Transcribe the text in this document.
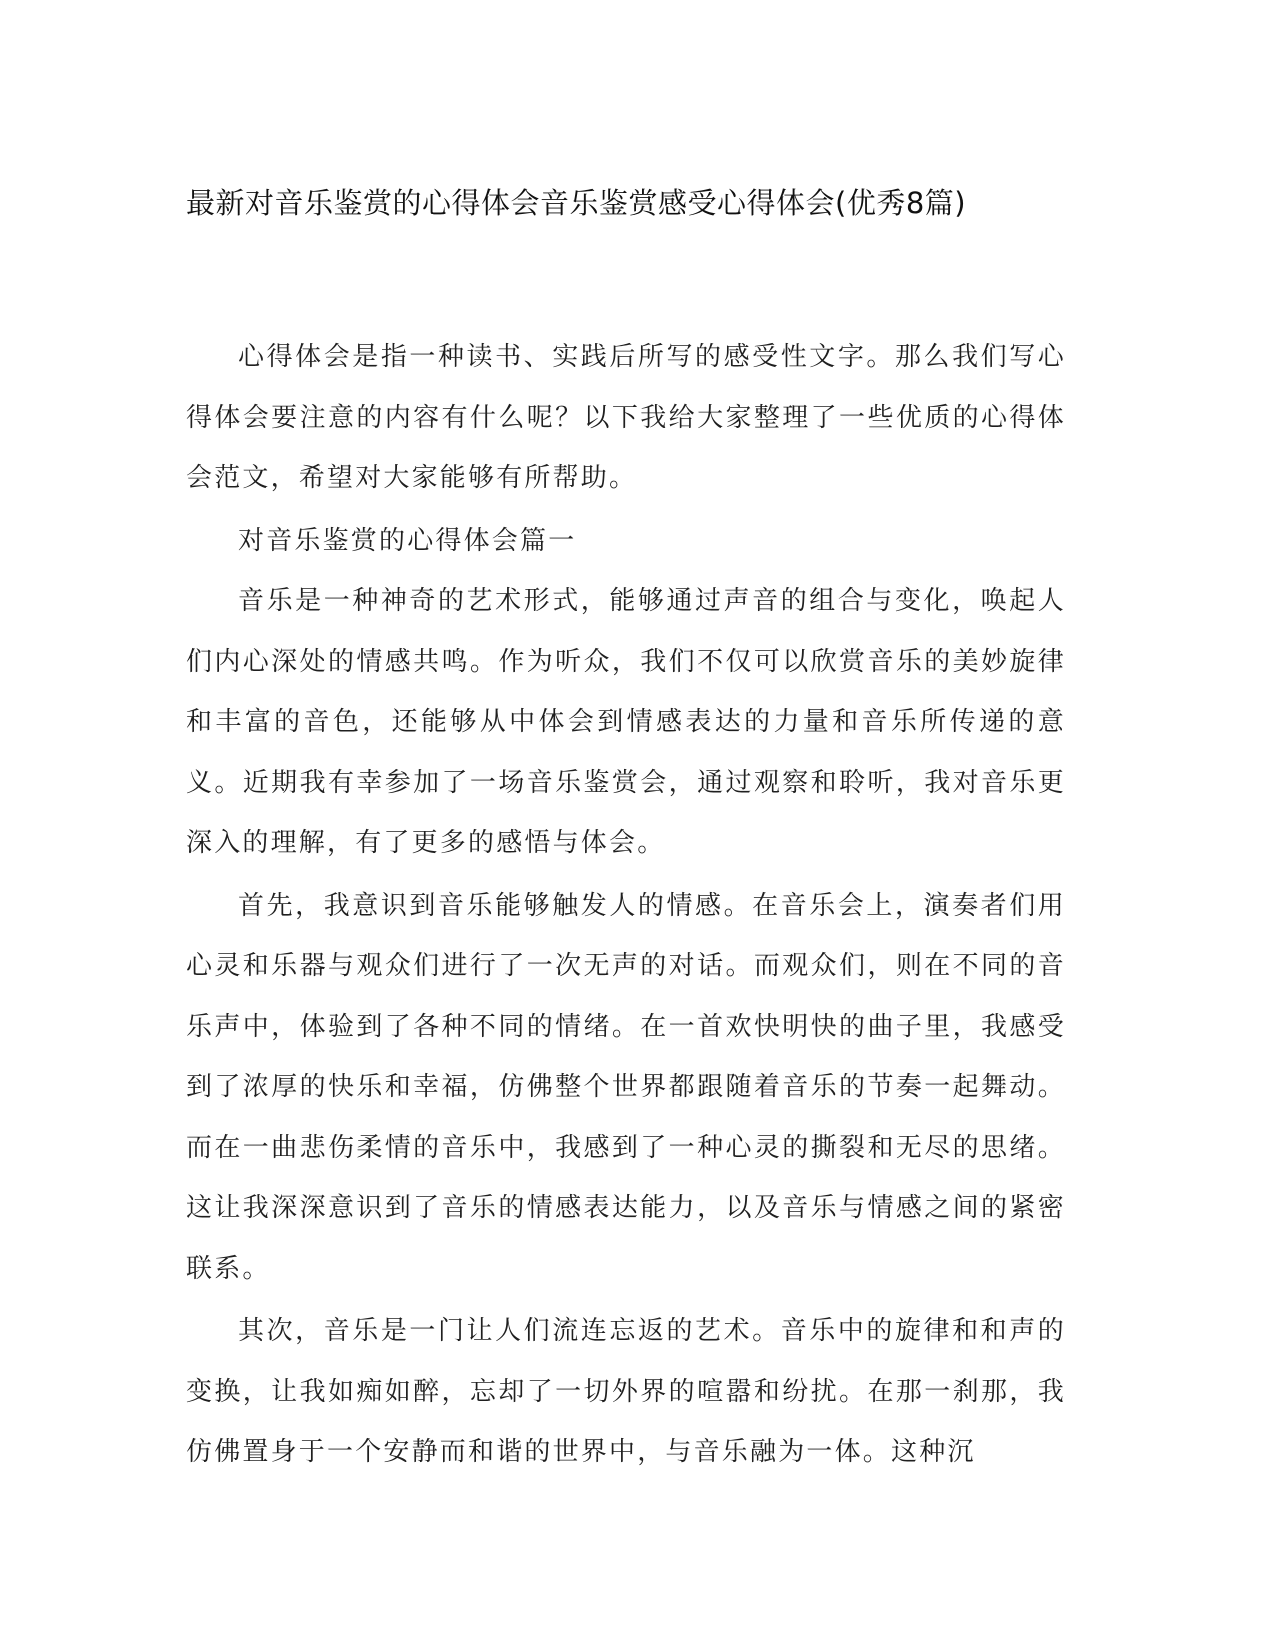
最新对音乐鉴赏的心得体会音乐鉴赏感受心得体会(优秀8篇)

心得体会是指一种读书、实践后所写的感受性文字。那么我们写心得体会要注意的内容有什么呢？以下我给大家整理了一些优质的心得体会范文，希望对大家能够有所帮助。

对音乐鉴赏的心得体会篇一

音乐是一种神奇的艺术形式，能够通过声音的组合与变化，唤起人们内心深处的情感共鸣。作为听众，我们不仅可以欣赏音乐的美妙旋律和丰富的音色，还能够从中体会到情感表达的力量和音乐所传递的意义。近期我有幸参加了一场音乐鉴赏会，通过观察和聆听，我对音乐更深入的理解，有了更多的感悟与体会。

首先，我意识到音乐能够触发人的情感。在音乐会上，演奏者们用心灵和乐器与观众们进行了一次无声的对话。而观众们，则在不同的音乐声中，体验到了各种不同的情绪。在一首欢快明快的曲子里，我感受到了浓厚的快乐和幸福，仿佛整个世界都跟随着音乐的节奏一起舞动。而在一曲悲伤柔情的音乐中，我感到了一种心灵的撕裂和无尽的思绪。这让我深深意识到了音乐的情感表达能力，以及音乐与情感之间的紧密联系。

其次，音乐是一门让人们流连忘返的艺术。音乐中的旋律和和声的变换，让我如痴如醉，忘却了一切外界的喧嚣和纷扰。在那一刹那，我仿佛置身于一个安静而和谐的世界中，与音乐融为一体。这种沉
